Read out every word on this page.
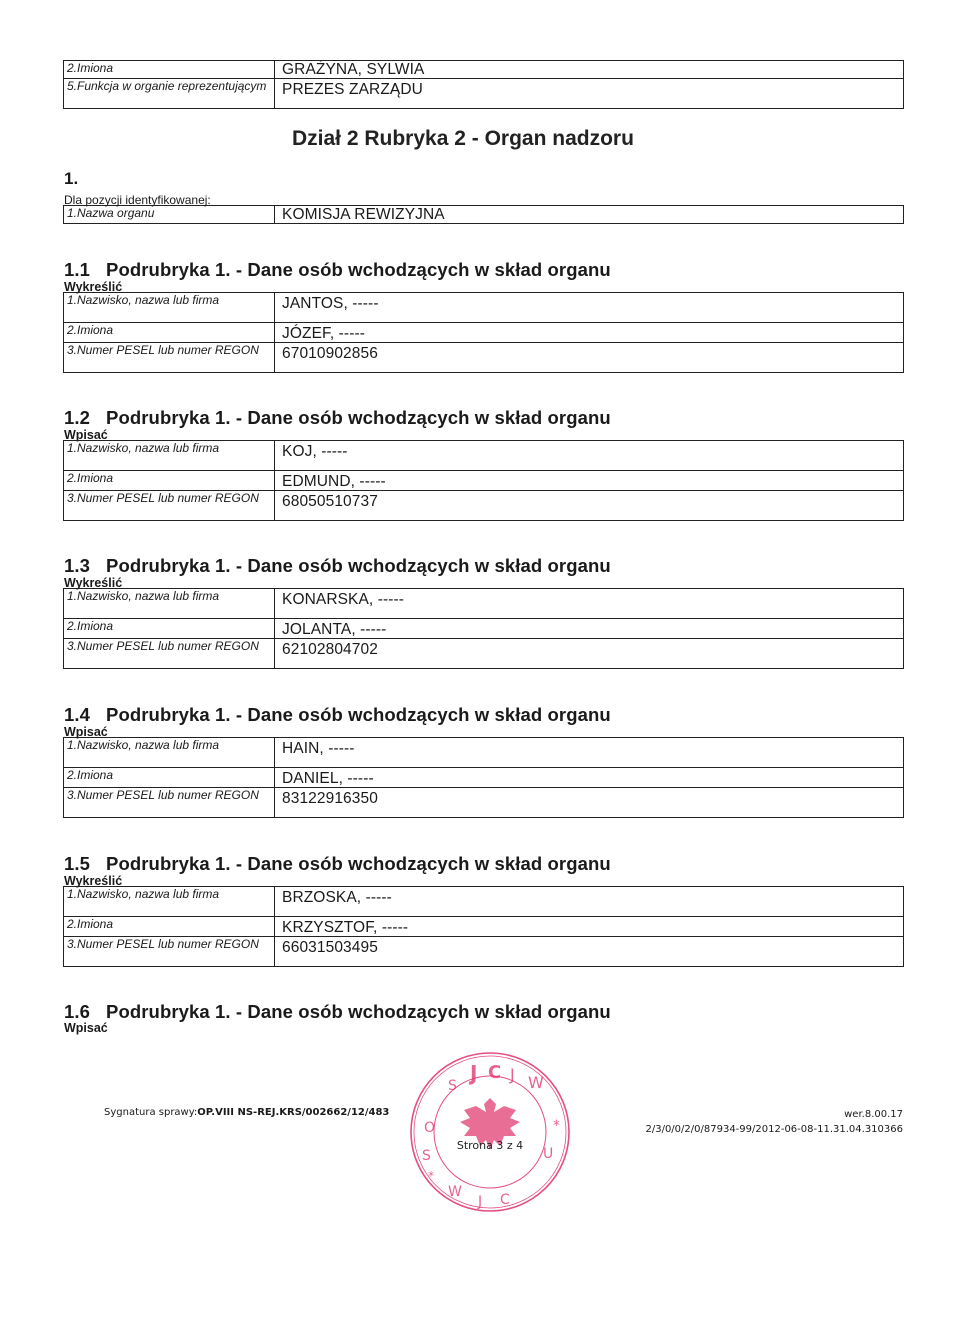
2.Imiona	GRAŻYNA, SYLWIA
5.Funkcja w organie reprezentującym	PREZES ZARZĄDU
Dział 2 Rubryka 2 - Organ nadzoru
1.
Dla pozycji identyfikowanej:
1.Nazwa organu	KOMISJA REWIZYJNA
1.1 Podrubryka 1. - Dane osób wchodzących w skład organu
Wykreślić
1.Nazwisko, nazwa lub firma	JANTOS, -----
2.Imiona	JÓZEF, -----
3.Numer PESEL lub numer REGON	67010902856
1.2 Podrubryka 1. - Dane osób wchodzących w skład organu
Wpisać
1.Nazwisko, nazwa lub firma	KOJ, -----
2.Imiona	EDMUND, -----
3.Numer PESEL lub numer REGON	68050510737
1.3 Podrubryka 1. - Dane osób wchodzących w skład organu
Wykreślić
1.Nazwisko, nazwa lub firma	KONARSKA, -----
2.Imiona	JOLANTA, -----
3.Numer PESEL lub numer REGON	62102804702
1.4 Podrubryka 1. - Dane osób wchodzących w skład organu
Wpisać
1.Nazwisko, nazwa lub firma	HAIN, -----
2.Imiona	DANIEL, -----
3.Numer PESEL lub numer REGON	83122916350
1.5 Podrubryka 1. - Dane osób wchodzących w skład organu
Wykreślić
1.Nazwisko, nazwa lub firma	BRZOSKA, -----
2.Imiona	KRZYSZTOF, -----
3.Numer PESEL lub numer REGON	66031503495
1.6 Podrubryka 1. - Dane osób wchodzących w skład organu
Wpisać
Sygnatura sprawy:OP.VIII NS-REJ.KRS/002662/12/483	wer.8.00.17
2/3/0/0/2/0/87934-99/2012-06-08-11.31.04.310366
J C J W
S
O
S
W
J C
U
*
*
Strona 3 z 4
